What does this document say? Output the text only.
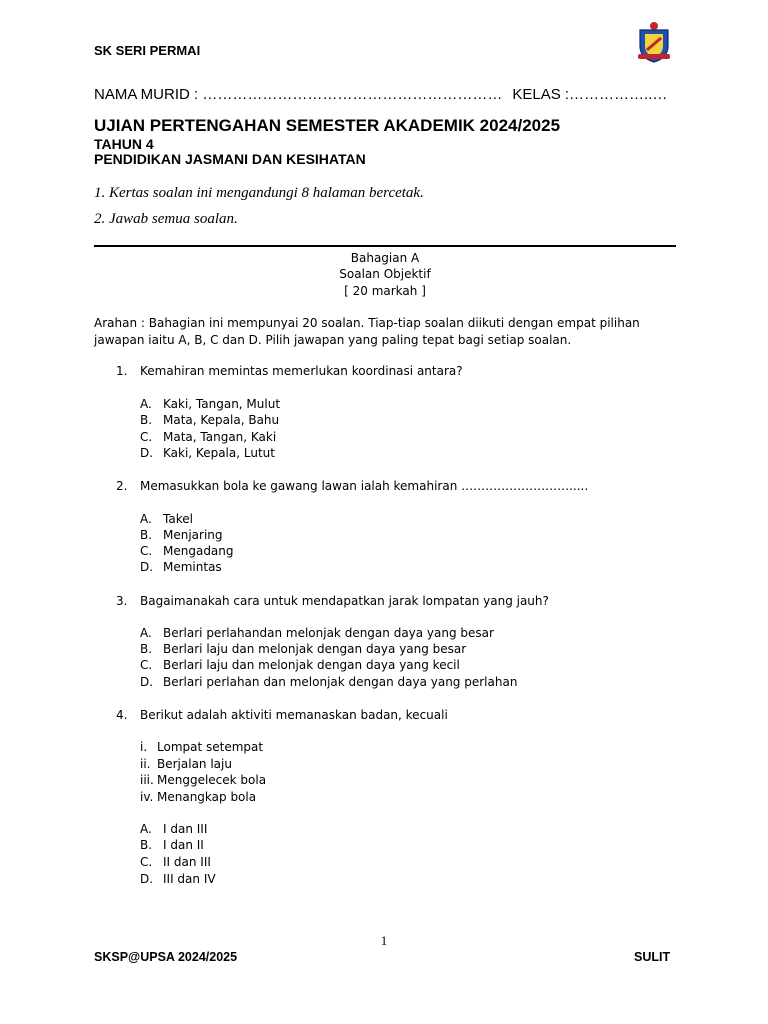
SK SERI PERMAI
NAMA MURID : …………………………………………………… KELAS :……………..…
UJIAN PERTENGAHAN SEMESTER AKADEMIK 2024/2025
TAHUN 4
PENDIDIKAN JASMANI DAN KESIHATAN
1. Kertas soalan ini mengandungi 8 halaman bercetak.
2. Jawab semua soalan.
Bahagian A
Soalan Objektif
[ 20 markah ]
Arahan : Bahagian ini mempunyai 20 soalan. Tiap-tiap soalan diikuti dengan empat pilihan jawapan iaitu A, B, C dan D. Pilih jawapan yang paling tepat bagi setiap soalan.
1. Kemahiran memintas memerlukan koordinasi antara?
A. Kaki, Tangan, Mulut
B. Mata, Kepala, Bahu
C. Mata, Tangan, Kaki
D. Kaki, Kepala, Lutut
2. Memasukkan bola ke gawang lawan ialah kemahiran ……………………….....
A. Takel
B. Menjaring
C. Mengadang
D. Memintas
3. Bagaimanakah cara untuk mendapatkan jarak lompatan yang jauh?
A. Berlari perlahandan melonjak dengan daya yang besar
B. Berlari laju dan melonjak dengan daya yang besar
C. Berlari laju dan melonjak dengan daya yang kecil
D. Berlari perlahan dan melonjak dengan daya yang perlahan
4. Berikut adalah aktiviti memanaskan badan, kecuali
i. Lompat setempat
ii. Berjalan laju
iii. Menggelecek bola
iv. Menangkap bola
A. I dan III
B. I dan II
C. II dan III
D. III dan IV
1
SKSP@UPSA 2024/2025	SULIT
